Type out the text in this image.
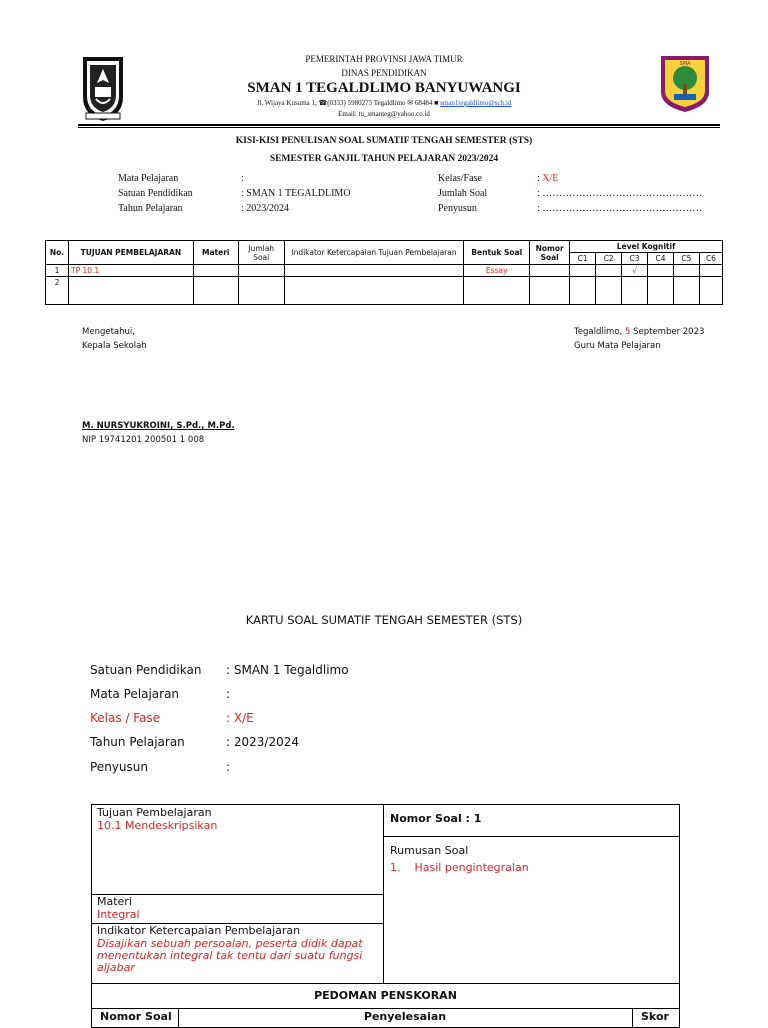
PEMERINTAH PROVINSI JAWA TIMUR
DINAS PENDIDIKAN
SMAN 1 TEGALDLIMO BANYUWANGI
Jl. Wijaya Kusuma 1, ☎(0333) 5980275 Tegaldlimo ✉ 68484 ■ sman1tegaldlimo@sch.id
Email: tu_smanteg@yahoo.co.id
SMA
KISI-KISI PENULISAN SOAL SUMATIF TENGAH SEMESTER (STS)
SEMESTER GANJIL TAHUN PELAJARAN 2023/2024
Mata Pelajaran	:
Satuan Pendidikan	: SMAN 1 TEGALDLIMO
Tahun Pelajaran	: 2023/2024
Kelas/Fase	: X/E
Jumlah Soal	: …………………………………………
Penyusun	: …………………………………………
No.	TUJUAN PEMBELAJARAN	Materi	Jumlah Soal	Indikator Ketercapaian Tujuan Pembelajaran	Bentuk Soal	Nomor Soal	Level Kognitif					
							C1	C2	C3	C4	C5	C6
1	TP 10.1				Essay				√			
2												
Mengetahui,
Kepala Sekolah
Tegaldlimo, 5 September 2023
Guru Mata Pelajaran
M. NURSYUKROINI, S.Pd., M.Pd.
NIP 19741201 200501 1 008
KARTU SOAL SUMATIF TENGAH SEMESTER (STS)
Satuan Pendidikan : SMAN 1 Tegaldlimo
Mata Pelajaran	:
Kelas / Fase	: X/E
Tahun Pelajaran	: 2023/2024
Penyusun	:
Tujuan Pembelajaran
10.1 Mendeskripsikan
Materi
Integral
Indikator Ketercapaian Pembelajaran
Disajikan sebuah persoalan, peserta didik dapat menentukan integral tak tentu dari suatu fungsi aljabar
Nomor Soal : 1
Rumusan Soal
1. Hasil pengintegralan
PEDOMAN PENSKORAN
Nomor Soal	Penyelesaian	Skor
